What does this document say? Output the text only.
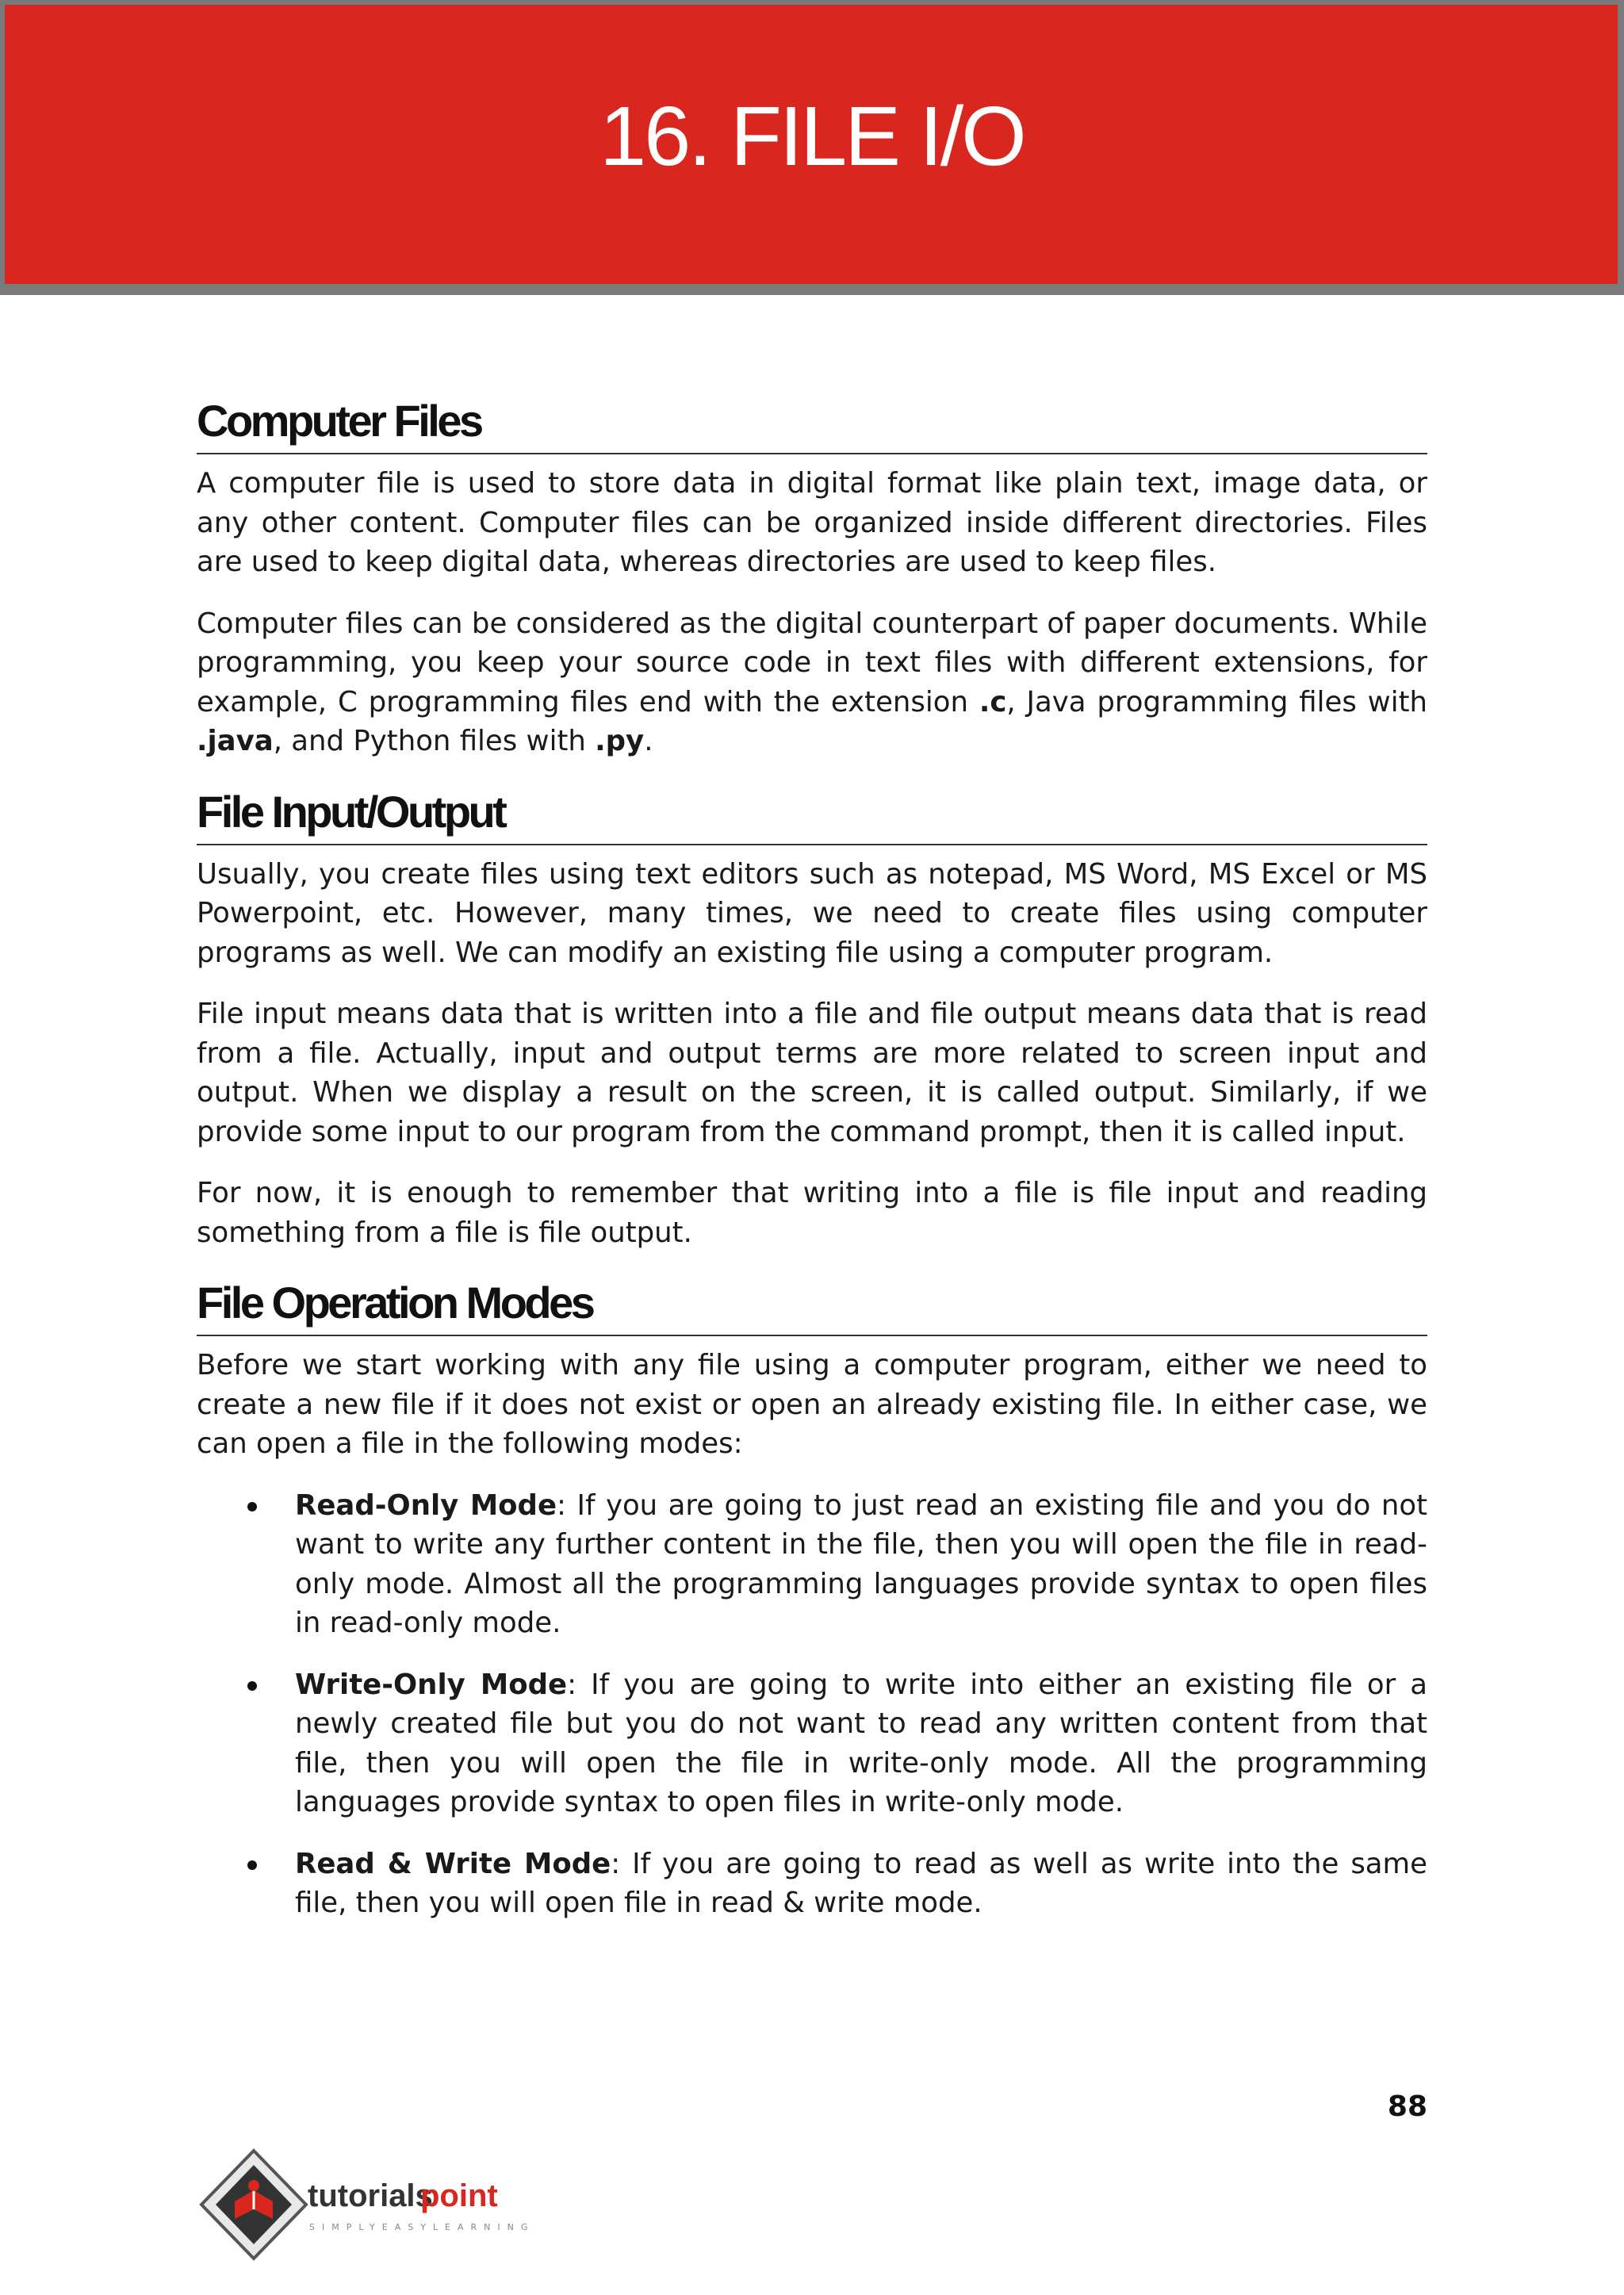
16. FILE I/O
Computer Files

A computer file is used to store data in digital format like plain text, image data, or any other content. Computer files can be organized inside different directories. Files are used to keep digital data, whereas directories are used to keep files.

Computer files can be considered as the digital counterpart of paper documents. While programming, you keep your source code in text files with different extensions, for example, C programming files end with the extension .c, Java programming files with .java, and Python files with .py.

File Input/Output

Usually, you create files using text editors such as notepad, MS Word, MS Excel or MS Powerpoint, etc. However, many times, we need to create files using computer programs as well. We can modify an existing file using a computer program.

File input means data that is written into a file and file output means data that is read from a file. Actually, input and output terms are more related to screen input and output. When we display a result on the screen, it is called output. Similarly, if we provide some input to our program from the command prompt, then it is called input.

For now, it is enough to remember that writing into a file is file input and reading something from a file is file output.

File Operation Modes

Before we start working with any file using a computer program, either we need to create a new file if it does not exist or open an already existing file. In either case, we can open a file in the following modes:

Read-Only Mode: If you are going to just read an existing file and you do not want to write any further content in the file, then you will open the file in read-only mode. Almost all the programming languages provide syntax to open files in read-only mode.
Write-Only Mode: If you are going to write into either an existing file or a newly created file but you do not want to read any written content from that file, then you will open the file in write-only mode. All the programming languages provide syntax to open files in write-only mode.
Read & Write Mode: If you are going to read as well as write into the same file, then you will open file in read & write mode.
88
tutorials
point
SIMPLYEASYLEARNING
